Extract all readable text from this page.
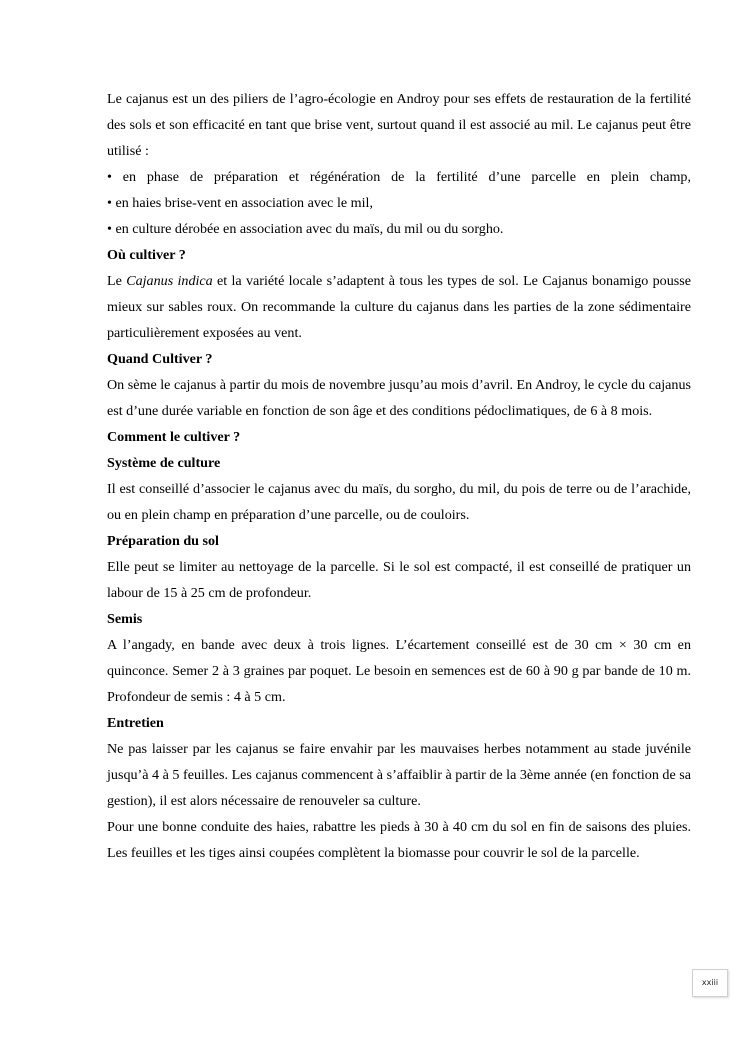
Le cajanus est un des piliers de l’agro-écologie en Androy pour ses effets de restauration de la fertilité des sols et son efficacité en tant que brise vent, surtout quand il est associé au mil. Le cajanus peut être utilisé :

• en phase de préparation et régénération de la fertilité d’une parcelle en plein champ,

• en haies brise-vent en association avec le mil,

• en culture dérobée en association avec du maïs, du mil ou du sorgho.

Où cultiver ?

Le Cajanus indica et la variété locale s’adaptent à tous les types de sol. Le Cajanus bonamigo pousse mieux sur sables roux. On recommande la culture du cajanus dans les parties de la zone sédimentaire particulièrement exposées au vent.

Quand Cultiver ?

On sème le cajanus à partir du mois de novembre jusqu’au mois d’avril. En Androy, le cycle du cajanus est d’une durée variable en fonction de son âge et des conditions pédoclimatiques, de 6 à 8 mois.

Comment le cultiver ?
Système de culture

Il est conseillé d’associer le cajanus avec du maïs, du sorgho, du mil, du pois de terre ou de l’arachide, ou en plein champ en préparation d’une parcelle, ou de couloirs.

Préparation du sol

Elle peut se limiter au nettoyage de la parcelle. Si le sol est compacté, il est conseillé de pratiquer un labour de 15 à 25 cm de profondeur.

Semis

A l’angady, en bande avec deux à trois lignes. L’écartement conseillé est de 30 cm × 30 cm en quinconce. Semer 2 à 3 graines par poquet. Le besoin en semences est de 60 à 90 g par bande de 10 m. Profondeur de semis : 4 à 5 cm.

Entretien

Ne pas laisser par les cajanus se faire envahir par les mauvaises herbes notamment au stade juvénile jusqu’à 4 à 5 feuilles. Les cajanus commencent à s’affaiblir à partir de la 3ème année (en fonction de sa gestion), il est alors nécessaire de renouveler sa culture.

Pour une bonne conduite des haies, rabattre les pieds à 30 à 40 cm du sol en fin de saisons des pluies. Les feuilles et les tiges ainsi coupées complètent la biomasse pour couvrir le sol de la parcelle.

xxiii
